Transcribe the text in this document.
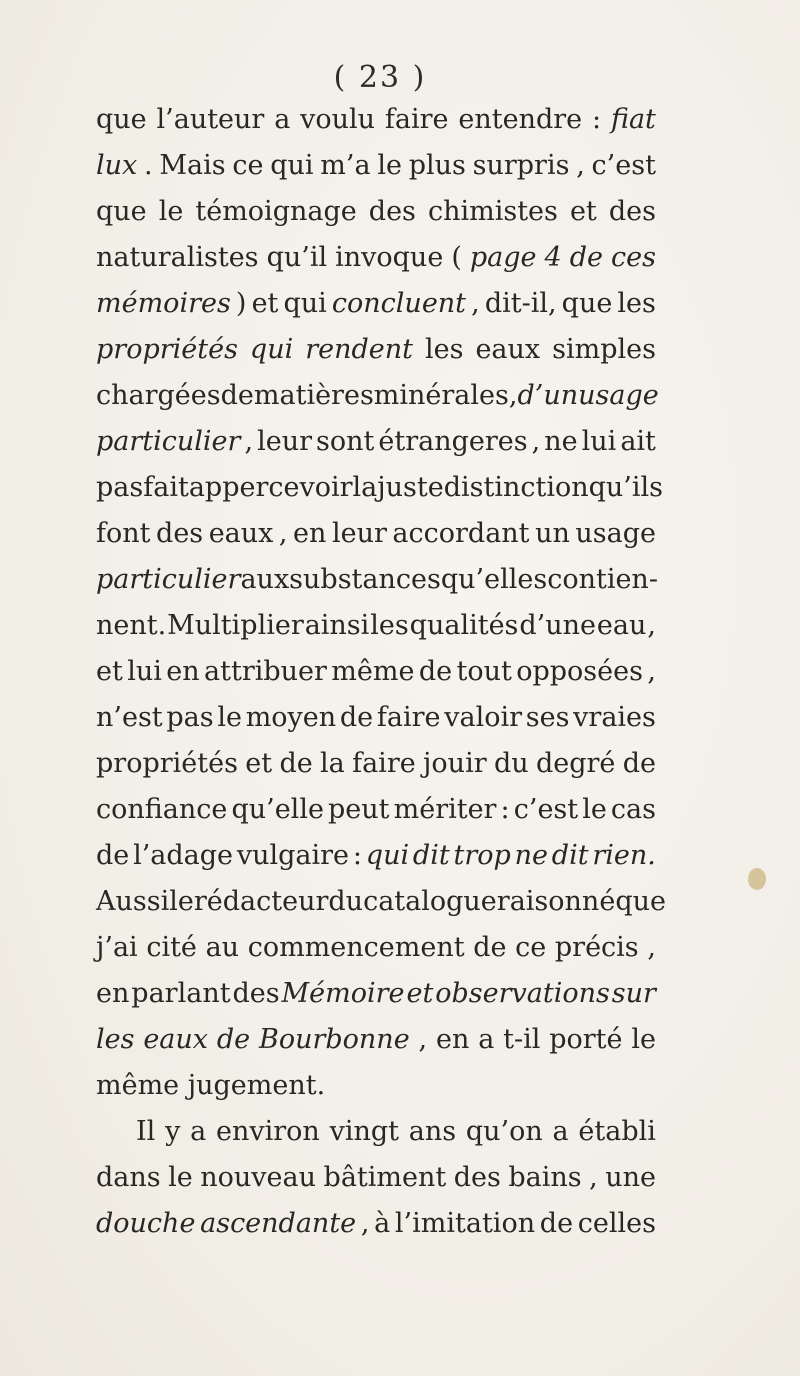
( 23 )
que l’auteur a voulu faire entendre : fiat
lux . Mais ce qui m’a le plus surpris , c’est
que le témoignage des chimistes et des
naturalistes qu’il invoque ( page 4 de ces
mémoires ) et qui concluent , dit-il, que les
propriétés qui rendent les eaux simples
chargées de matières minérales , d’un usage
particulier , leur sont étrangeres , ne lui ait
pas fait appercevoir la juste distinction qu’ils
font des eaux , en leur accordant un usage
particulier aux substances qu’elles contien-
nent. Multiplier ainsi les qualités d’une eau ,
et lui en attribuer même de tout opposées ,
n’est pas le moyen de faire valoir ses vraies
propriétés et de la faire jouir du degré de
confiance qu’elle peut mériter : c’est le cas
de l’adage vulgaire : qui dit trop ne dit rien.
Aussi le rédacteur du catalogue raisonné que
j’ai cité au commencement de ce précis ,
en parlant des Mémoire et observations sur
les eaux de Bourbonne , en a t-il porté le
même jugement.
Il y a environ vingt ans qu’on a établi
dans le nouveau bâtiment des bains , une
douche ascendante , à l’imitation de celles
